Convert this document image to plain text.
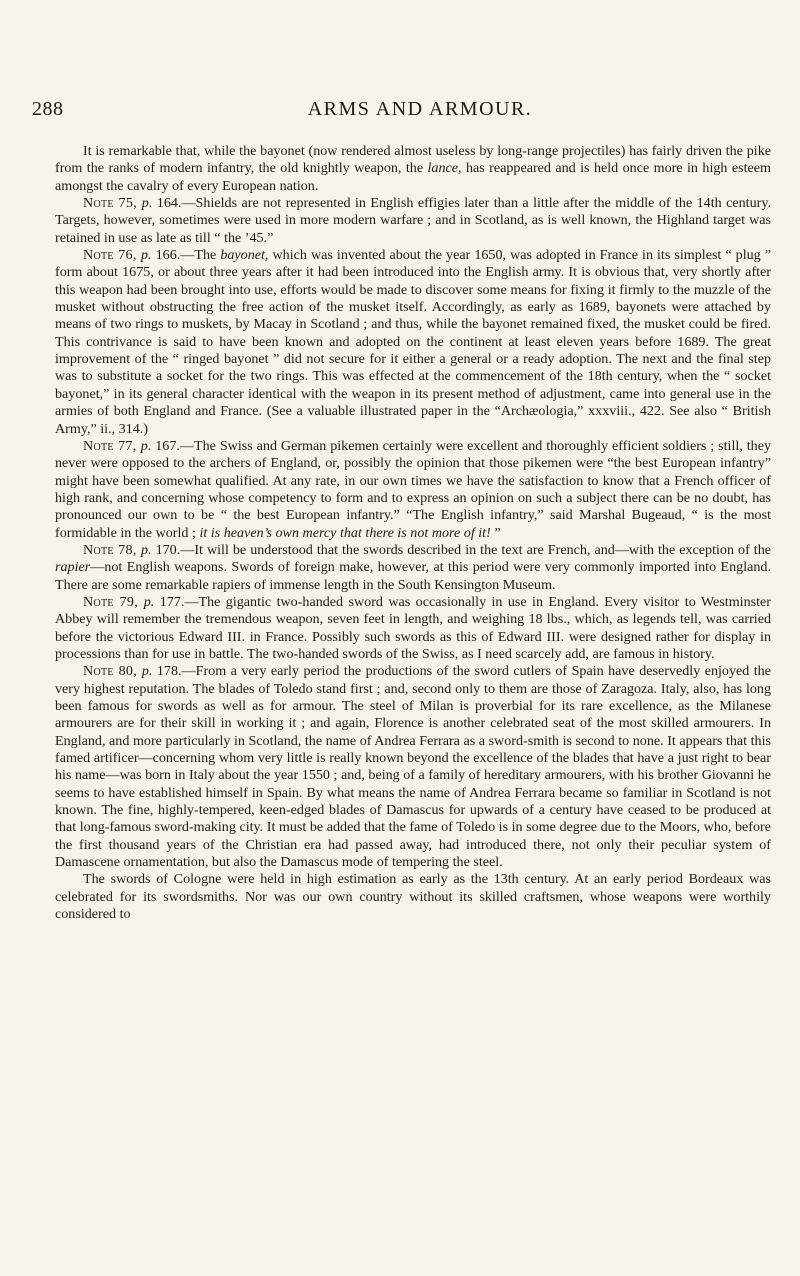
288	ARMS AND ARMOUR.

It is remarkable that, while the bayonet (now rendered almost useless by long-range projectiles) has fairly driven the pike from the ranks of modern infantry, the old knightly weapon, the lance, has reappeared and is held once more in high esteem amongst the cavalry of every European nation.

Note 75, p. 164.—Shields are not represented in English effigies later than a little after the middle of the 14th century. Targets, however, sometimes were used in more modern warfare ; and in Scotland, as is well known, the Highland target was retained in use as late as till “ the ’45.”

Note 76, p. 166.—The bayonet, which was invented about the year 1650, was adopted in France in its simplest “ plug ” form about 1675, or about three years after it had been introduced into the English army. It is obvious that, very shortly after this weapon had been brought into use, efforts would be made to discover some means for fixing it firmly to the muzzle of the musket without obstructing the free action of the musket itself. Accordingly, as early as 1689, bayonets were attached by means of two rings to muskets, by Macay in Scotland ; and thus, while the bayonet remained fixed, the musket could be fired. This contrivance is said to have been known and adopted on the continent at least eleven years before 1689. The great improvement of the “ ringed bayonet ” did not secure for it either a general or a ready adoption. The next and the final step was to substitute a socket for the two rings. This was effected at the commencement of the 18th century, when the “ socket bayonet,” in its general character identical with the weapon in its present method of adjustment, came into general use in the armies of both England and France. (See a valuable illustrated paper in the “Archæologia,” xxxviii., 422. See also “ British Army,” ii., 314.)

Note 77, p. 167.—The Swiss and German pikemen certainly were excellent and thoroughly efficient soldiers ; still, they never were opposed to the archers of England, or, possibly the opinion that those pikemen were “the best European infantry” might have been somewhat qualified. At any rate, in our own times we have the satisfaction to know that a French officer of high rank, and concerning whose competency to form and to express an opinion on such a subject there can be no doubt, has pronounced our own to be “ the best European infantry.” “The English infantry,” said Marshal Bugeaud, “ is the most formidable in the world ; it is heaven’s own mercy that there is not more of it! ”

Note 78, p. 170.—It will be understood that the swords described in the text are French, and—with the exception of the rapier—not English weapons. Swords of foreign make, however, at this period were very commonly imported into England. There are some remarkable rapiers of immense length in the South Kensington Museum.

Note 79, p. 177.—The gigantic two-handed sword was occasionally in use in England. Every visitor to Westminster Abbey will remember the tremendous weapon, seven feet in length, and weighing 18 lbs., which, as legends tell, was carried before the victorious Edward III. in France. Possibly such swords as this of Edward III. were designed rather for display in processions than for use in battle. The two-handed swords of the Swiss, as I need scarcely add, are famous in history.

Note 80, p. 178.—From a very early period the productions of the sword cutlers of Spain have deservedly enjoyed the very highest reputation. The blades of Toledo stand first ; and, second only to them are those of Zaragoza. Italy, also, has long been famous for swords as well as for armour. The steel of Milan is proverbial for its rare excellence, as the Milanese armourers are for their skill in working it ; and again, Florence is another celebrated seat of the most skilled armourers. In England, and more particularly in Scotland, the name of Andrea Ferrara as a sword-smith is second to none. It appears that this famed artificer—concerning whom very little is really known beyond the excellence of the blades that have a just right to bear his name—was born in Italy about the year 1550 ; and, being of a family of hereditary armourers, with his brother Giovanni he seems to have established himself in Spain. By what means the name of Andrea Ferrara became so familiar in Scotland is not known. The fine, highly-tempered, keen-edged blades of Damascus for upwards of a century have ceased to be produced at that long-famous sword-making city. It must be added that the fame of Toledo is in some degree due to the Moors, who, before the first thousand years of the Christian era had passed away, had introduced there, not only their peculiar system of Damascene ornamentation, but also the Damascus mode of tempering the steel.

The swords of Cologne were held in high estimation as early as the 13th century. At an early period Bordeaux was celebrated for its swordsmiths. Nor was our own country without its skilled craftsmen, whose weapons were worthily considered to
